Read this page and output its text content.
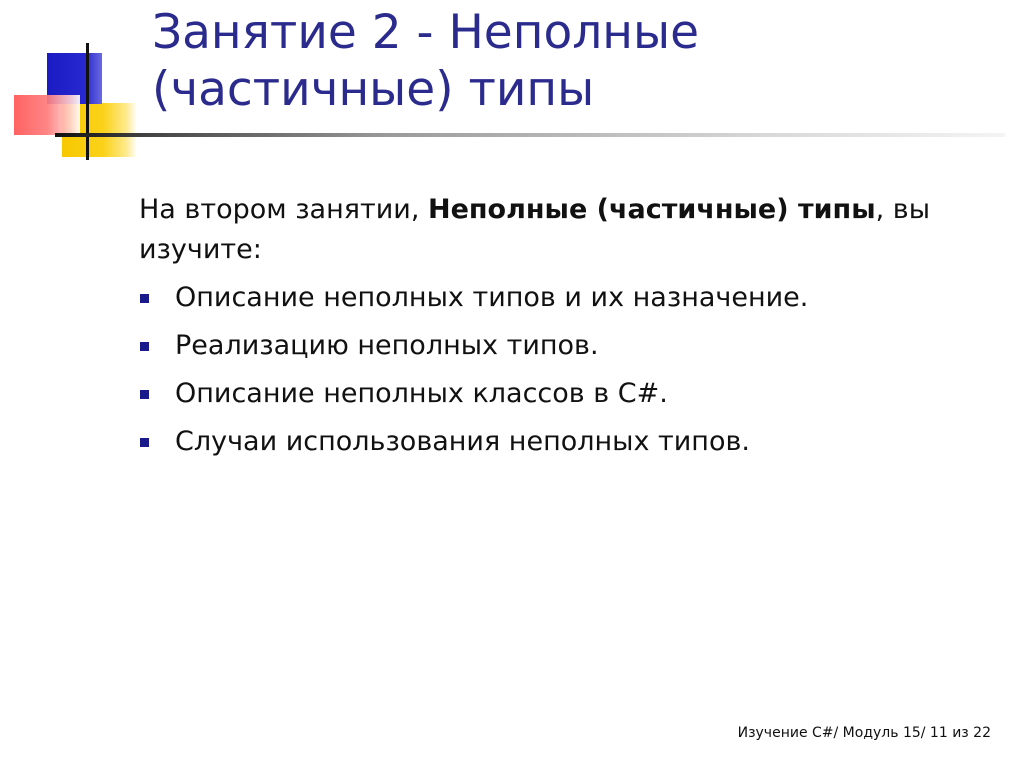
Занятие 2 - Неполные (частичные) типы

На втором занятии, Неполные (частичные) типы, вы изучите:

Описание неполных типов и их назначение.
Реализацию неполных типов.
Описание неполных классов в C#.
Случаи использования неполных типов.
Изучение C#/ Модуль 15/ 11 из 22
